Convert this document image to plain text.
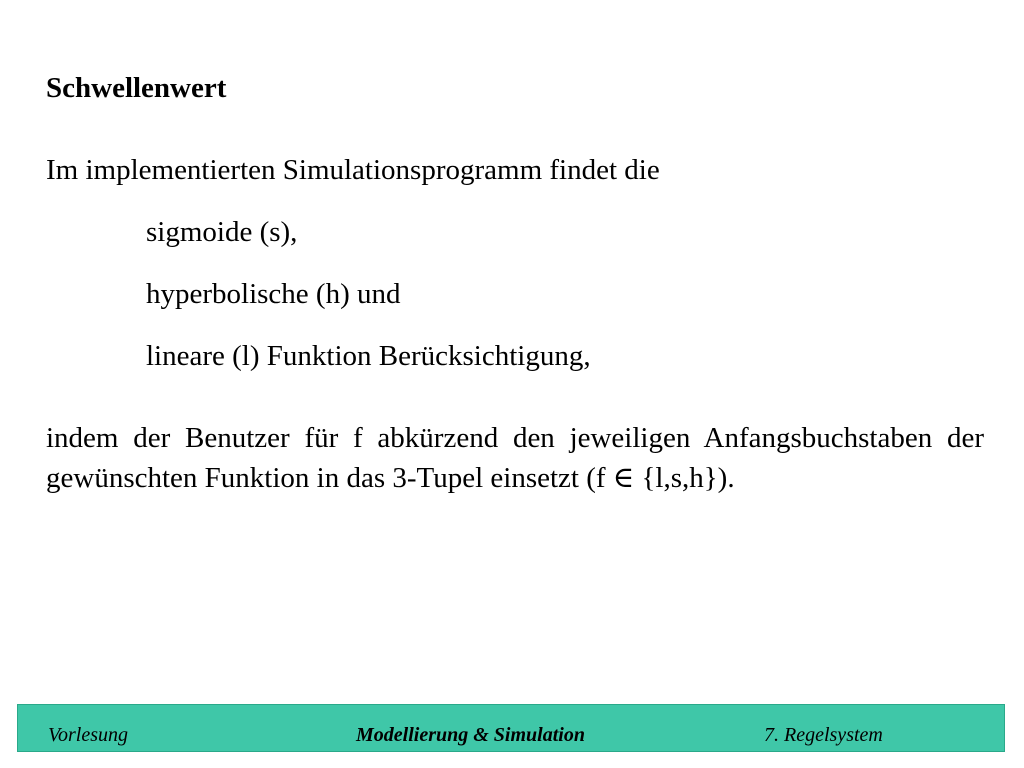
Schwellenwert
Im implementierten Simulationsprogramm findet die
sigmoide (s),
hyperbolische (h) und
lineare (l) Funktion Berücksichtigung,

indem der Benutzer für f abkürzend den jeweiligen Anfangsbuchstaben der gewünschten Funktion in das 3-Tupel einsetzt (f ∈ {l,s,h}).

Vorlesung	Modellierung & Simulation	7. Regelsystem
